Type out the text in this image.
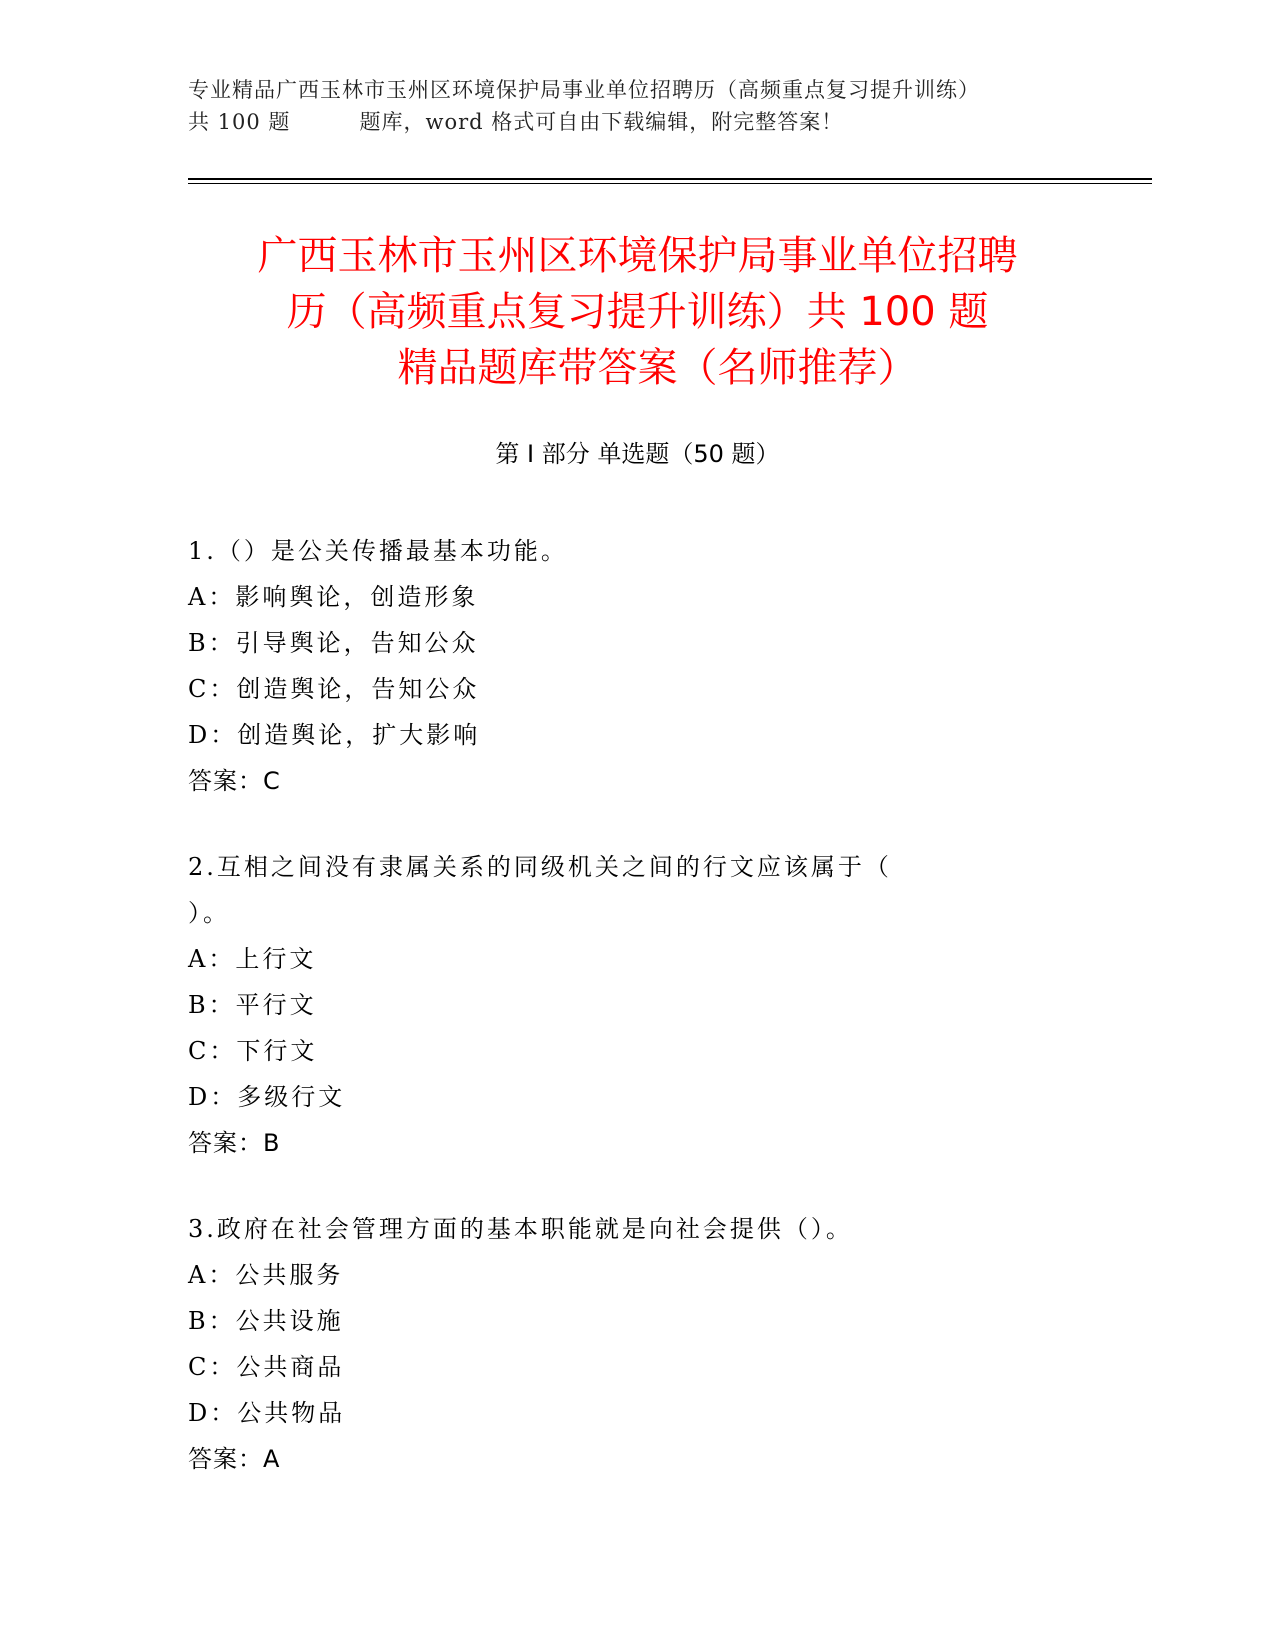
专业精品广西玉林市玉州区环境保护局事业单位招聘历（高频重点复习提升训练）
共 100 题         题库，word 格式可自由下载编辑，附完整答案！
广西玉林市玉州区环境保护局事业单位招聘
历（高频重点复习提升训练）共 100 题
精品题库带答案（名师推荐）
第 I 部分 单选题（50 题）
1.（）是公关传播最基本功能。
A：影响舆论，创造形象
B：引导舆论，告知公众
C：创造舆论，告知公众
D：创造舆论，扩大影响
答案：C
2.互相之间没有隶属关系的同级机关之间的行文应该属于（ ）。
A：上行文
B：平行文
C：下行文
D：多级行文
答案：B
3.政府在社会管理方面的基本职能就是向社会提供（）。
A：公共服务
B：公共设施
C：公共商品
D：公共物品
答案：A
